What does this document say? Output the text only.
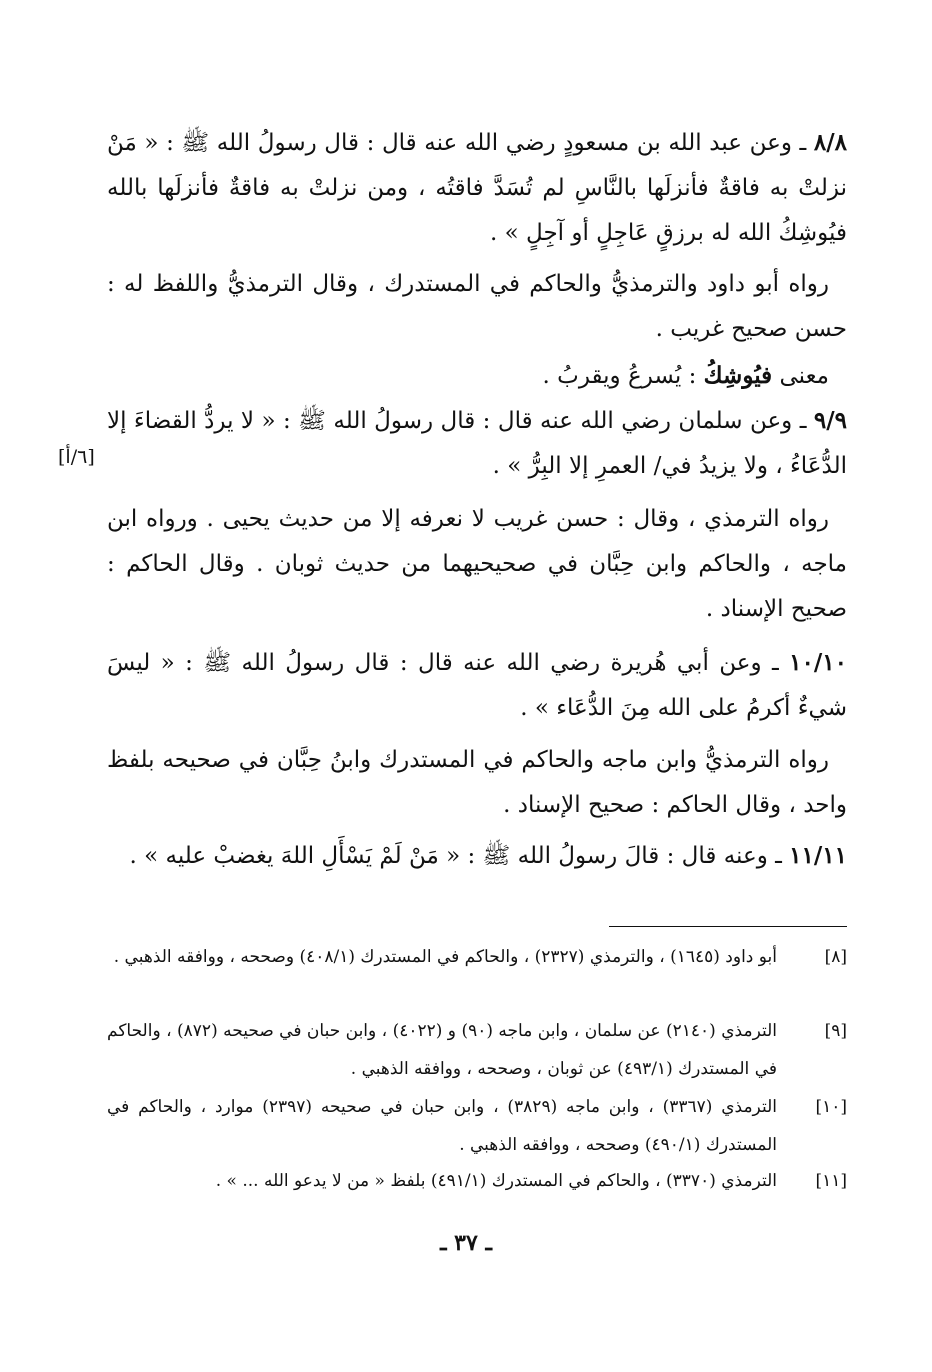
٨/٨ ـ وعن عبد الله بن مسعودٍ رضي الله عنه قال : قال رسولُ الله ﷺ : « مَنْ نزلتْ به فاقةٌ فأنزلَها بالنَّاسِ لم تُسَدَّ فاقتُه ، ومن نزلتْ به فاقةٌ فأنزلَها بالله فيُوشِكُ الله له برزقٍ عَاجِلٍ أو آجِلٍ » .
رواه أبو داود والترمذيُّ والحاكم في المستدرك ، وقال الترمذيُّ واللفظ له : حسن صحيح غريب .
معنى فيُوشِكُ : يُسرعُ ويقربُ .
٩/٩ ـ وعن سلمان رضي الله عنه قال : قال رسولُ الله ﷺ : « لا يردُّ القضاءَ إلا الدُّعَاءُ ، ولا يزيدُ في/ العمرِ إلا البِرُّ » .
[٦/أ]
رواه الترمذي ، وقال : حسن غريب لا نعرفه إلا من حديث يحيى . ورواه ابن ماجه ، والحاكم وابن حِبَّان في صحيحيهما من حديث ثوبان . وقال الحاكم : صحيح الإسناد .
١٠/١٠ ـ وعن أبي هُريرة رضي الله عنه قال : قال رسولُ الله ﷺ : « ليسَ شيءٌ أكرمُ على الله مِنَ الدُّعَاء » .
رواه الترمذيُّ وابن ماجه والحاكم في المستدرك وابنُ حِبَّان في صحيحه بلفظ واحد ، وقال الحاكم : صحيح الإسناد .
١١/١١ ـ وعنه قال : قالَ رسولُ الله ﷺ : « مَنْ لَمْ يَسْأَلِ اللهَ يغضبْ عليه » .
[٨]
أبو داود (١٦٤٥) ، والترمذي (٢٣٢٧) ، والحاكم في المستدرك (٤٠٨/١) وصححه ، ووافقه الذهبي .
[٩]
الترمذي (٢١٤٠) عن سلمان ، وابن ماجه (٩٠) و (٤٠٢٢) ، وابن حبان في صحيحه (٨٧٢) ، والحاكم في المستدرك (٤٩٣/١) عن ثوبان ، وصححه ، ووافقه الذهبي .
[١٠]
الترمذي (٣٣٦٧) ، وابن ماجه (٣٨٢٩) ، وابن حبان في صحيحه (٢٣٩٧) موارد ، والحاكم في المستدرك (٤٩٠/١) وصححه ، ووافقه الذهبي .
[١١]
الترمذي (٣٣٧٠) ، والحاكم في المستدرك (٤٩١/١) بلفظ « من لا يدعو الله ... » .
ـ ٣٧ ـ
